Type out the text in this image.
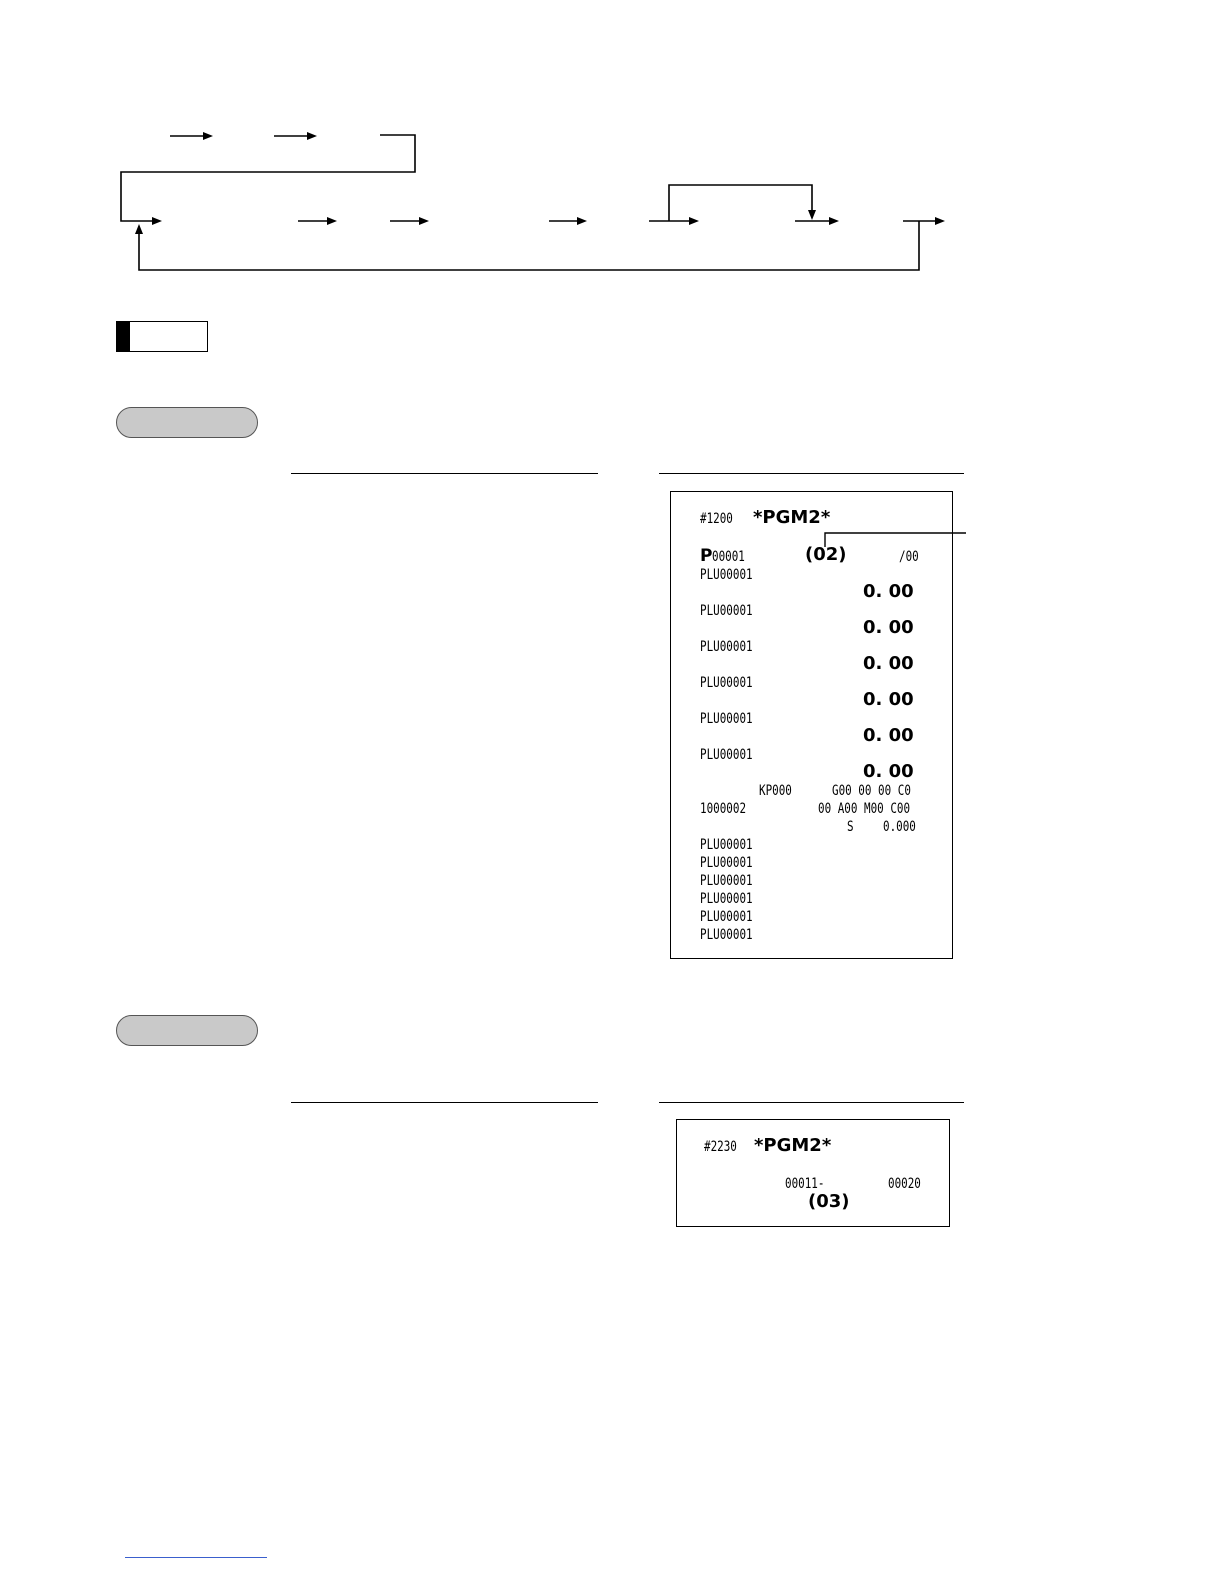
#1200 *PGM2*
P 00001	(02)	/00
PLU00001
0. 00
PLU00001
0. 00
PLU00001
0. 00
PLU00001
0. 00
PLU00001
0. 00
PLU00001
0. 00
KP000	G00 00 00 C0
1000002	00 A00 M00 C00
S 0.000
PLU00001
PLU00001
PLU00001
PLU00001
PLU00001
PLU00001
#2230 *PGM2*
00011-	00020
(03)
